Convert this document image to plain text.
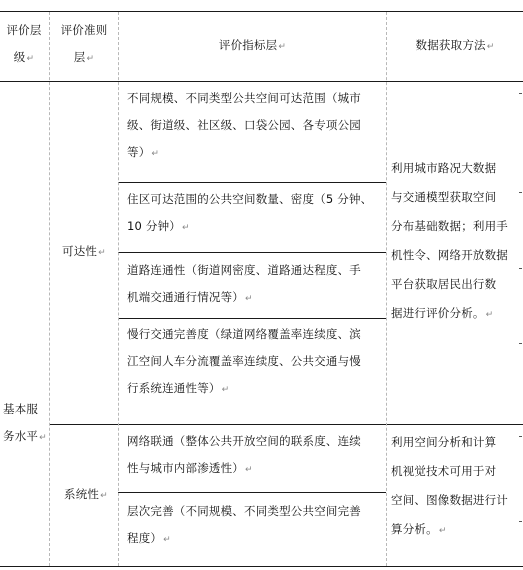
评价层
级↵
评价准则
层↵
评价指标层↵	数据获取方法↵
基本服
务水平↵
可达性↵
系统性↵
不同规模、不同类型公共空间可达范围（城市
级、街道级、社区级、口袋公园、各专项公园
等）↵
住区可达范围的公共空间数量、密度（5 分钟、
10 分钟）↵
道路连通性（街道网密度、道路通达程度、手
机端交通通行情况等）↵
慢行交通完善度（绿道网络覆盖率连续度、滨
江空间人车分流覆盖率连续度、公共交通与慢
行系统连通性等）↵
网络联通（整体公共开放空间的联系度、连续
性与城市内部渗透性）↵
层次完善（不同规模、不同类型公共空间完善
程度）↵
利用城市路况大数据
与交通模型获取空间
分布基础数据；利用手
机性令、网络开放数据
平台获取居民出行数
据进行评价分析。↵
利用空间分析和计算
机视觉技术可用于对
空间、图像数据进行计
算分析。↵
